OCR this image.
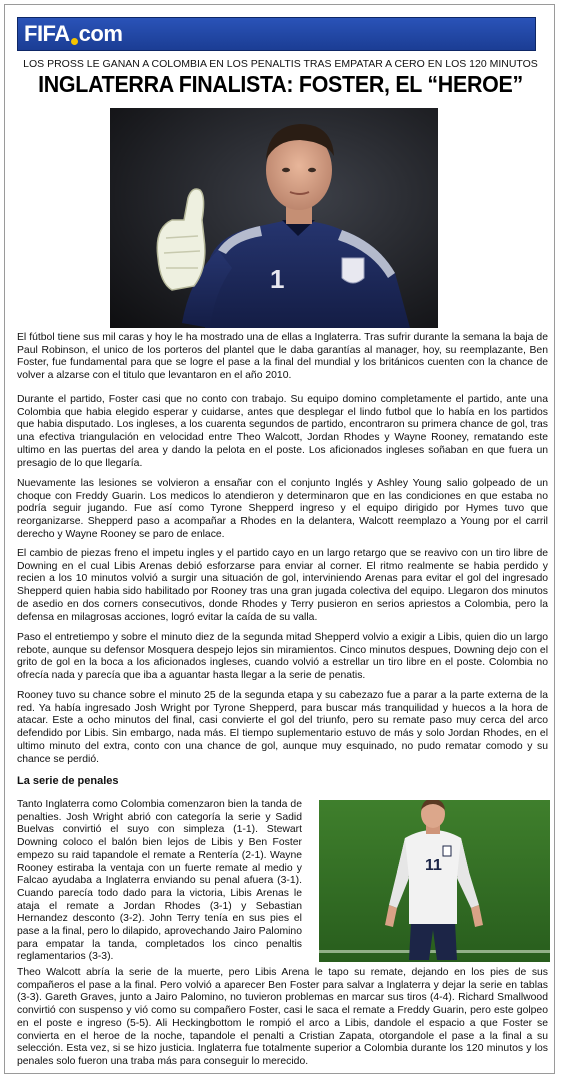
FIFA com
LOS PROSS LE GANAN A COLOMBIA EN LOS PENALTIS TRAS EMPATAR A CERO EN LOS 120 MINUTOS
INGLATERRA FINALISTA: FOSTER, EL “HEROE”
1

El fútbol tiene sus mil caras y hoy le ha mostrado una de ellas a Inglaterra. Tras sufrir durante la semana la baja de Paul Robinson, el unico de los porteros del plantel que le daba garantías al manager, hoy, su reemplazante, Ben Foster, fue fundamental para que se logre el pase a la final del mundial y los británicos cuenten con la chance de volver a alzarse con el titulo que levantaron en el año 2010.

Durante el partido, Foster casi que no conto con trabajo. Su equipo domino completamente el partido, ante una Colombia que habia elegido esperar y cuidarse, antes que desplegar el lindo futbol que lo había en los partidos que habia disputado. Los ingleses, a los cuarenta segundos de partido, encontraron su primera chance de gol, tras una efectiva triangulación en velocidad entre Theo Walcott, Jordan Rhodes y Wayne Rooney, rematando este ultimo en las puertas del area y dando la pelota en el poste. Los aficionados ingleses soñaban en que fuera un presagio de lo que llegaría.

Nuevamente las lesiones se volvieron a ensañar con el conjunto Inglés y Ashley Young salio golpeado de un choque con Freddy Guarin. Los medicos lo atendieron y determinaron que en las condiciones en que estaba no podría seguir jugando. Fue así como Tyrone Shepperd ingreso y el equipo dirigido por Hymes tuvo que reorganizarse. Shepperd paso a acompañar a Rhodes en la delantera, Walcott reemplazo a Young por el carril derecho y Wayne Rooney se paro de enlace.

El cambio de piezas freno el impetu ingles y el partido cayo en un largo retargo que se reavivo con un tiro libre de Downing en el cual Libis Arenas debió esforzarse para enviar al corner. El ritmo realmente se habia perdido y recien a los 10 minutos volvió a surgir una situación de gol, interviniendo Arenas para evitar el gol del ingresado Shepperd quien habia sido habilitado por Rooney tras una gran jugada colectiva del equipo. Llegaron dos minutos de asedio en dos corners consecutivos, donde Rhodes y Terry pusieron en serios apriestos a Colombia, pero la defensa en milagrosas acciones, logró evitar la caída de su valla.

Paso el entretiempo y sobre el minuto diez de la segunda mitad Shepperd volvio a exigir a Libis, quien dio un largo rebote, aunque su defensor Mosquera despejo lejos sin miramientos. Cinco minutos despues, Downing dejo con el grito de gol en la boca a los aficionados ingleses, cuando volvió a estrellar un tiro libre en el poste. Colombia no ofrecía nada y parecía que iba a aguantar hasta llegar a la serie de penatis.

Rooney tuvo su chance sobre el minuto 25 de la segunda etapa y su cabezazo fue a parar a la parte externa de la red. Ya había ingresado Josh Wright por Tyrone Shepperd, para buscar más tranquilidad y huecos a la hora de atacar. Este a ocho minutos del final, casi convierte el gol del triunfo, pero su remate paso muy cerca del arco defendido por Libis. Sin embargo, nada más. El tiempo suplementario estuvo de más y solo Jordan Rhodes, en el ultimo minuto del extra, conto con una chance de gol, aunque muy esquinado, no pudo rematar comodo y su chance se perdió.

La serie de penales

Tanto Inglaterra como Colombia comenzaron bien la tanda de penalties. Josh Wright abrió con categoría la serie y Sadid Buelvas convirtió el suyo con simpleza (1-1). Stewart Downing coloco el balón bien lejos de Libis y Ben Foster empezo su raid tapandole el remate a Rentería (2-1). Wayne Rooney estiraba la ventaja con un fuerte remate al medio y Falcao ayudaba a Inglaterra enviando su penal afuera (3-1). Cuando parecía todo dado para la victoria, Libis Arenas le ataja el remate a Jordan Rhodes (3-1) y Sebastian Hernandez desconto (3-2). John Terry tenía en sus pies el pase a la final, pero lo dilapido, aprovechando Jairo Palomino para empatar la tanda, completados los cinco penaltis reglamentarios (3-3).

11

Theo Walcott abría la serie de la muerte, pero Libis Arena le tapo su remate, dejando en los pies de sus compañeros el pase a la final. Pero volvió a aparecer Ben Foster para salvar a Inglaterra y dejar la serie en tablas (3-3). Gareth Graves, junto a Jairo Palomino, no tuvieron problemas en marcar sus tiros (4-4). Richard Smallwood convirtió con suspenso y vió como su compañero Foster, casi le saca el remate a Freddy Guarin, pero este golpeo en el poste e ingreso (5-5). Ali Heckingbottom le rompió el arco a Libis, dandole el espacio a que Foster se convierta en el heroe de la noche, tapandole el penalti a Cristian Zapata, otorgandole el pase a la final a su selección. Esta vez, si se hizo justicia. Inglaterra fue totalmente superior a Colombia durante los 120 minutos y los penales solo fueron una traba más para conseguir lo merecido.
